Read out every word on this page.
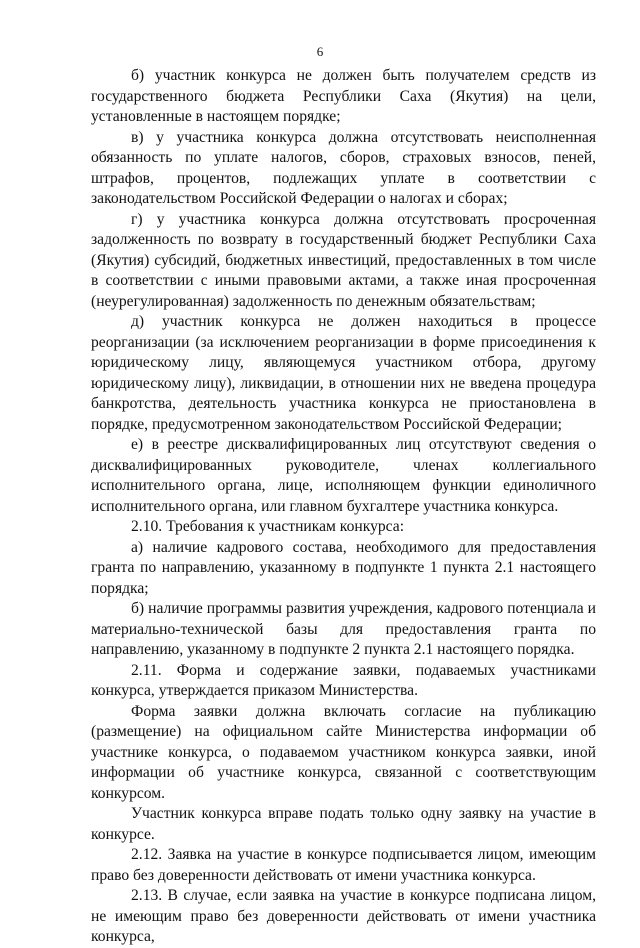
6

б) участник конкурса не должен быть получателем средств из государственного бюджета Республики Саха (Якутия) на цели, установленные в настоящем порядке;

в) у участника конкурса должна отсутствовать неисполненная обязанность по уплате налогов, сборов, страховых взносов, пеней, штрафов, процентов, подлежащих уплате в соответствии с законодательством Российской Федерации о налогах и сборах;

г) у участника конкурса должна отсутствовать просроченная задолженность по возврату в государственный бюджет Республики Саха (Якутия) субсидий, бюджетных инвестиций, предоставленных в том числе в соответствии с иными правовыми актами, а также иная просроченная (неурегулированная) задолженность по денежным обязательствам;

д) участник конкурса не должен находиться в процессе реорганизации (за исключением реорганизации в форме присоединения к юридическому лицу, являющемуся участником отбора, другому юридическому лицу), ликвидации, в отношении них не введена процедура банкротства, деятельность участника конкурса не приостановлена в порядке, предусмотренном законодательством Российской Федерации;

е) в реестре дисквалифицированных лиц отсутствуют сведения о дисквалифицированных руководителе, членах коллегиального исполнительного органа, лице, исполняющем функции единоличного исполнительного органа, или главном бухгалтере участника конкурса.

2.10. Требования к участникам конкурса:

а) наличие кадрового состава, необходимого для предоставления гранта по направлению, указанному в подпункте 1 пункта 2.1 настоящего порядка;

б) наличие программы развития учреждения, кадрового потенциала и материально-технической базы для предоставления гранта по направлению, указанному в подпункте 2 пункта 2.1 настоящего порядка.

2.11. Форма и содержание заявки, подаваемых участниками конкурса, утверждается приказом Министерства.

Форма заявки должна включать согласие на публикацию (размещение) на официальном сайте Министерства информации об участнике конкурса, о подаваемом участником конкурса заявки, иной информации об участнике конкурса, связанной с соответствующим конкурсом.

Участник конкурса вправе подать только одну заявку на участие в конкурсе.

2.12. Заявка на участие в конкурсе подписывается лицом, имеющим право без доверенности действовать от имени участника конкурса.

2.13. В случае, если заявка на участие в конкурсе подписана лицом, не имеющим право без доверенности действовать от имени участника конкурса,
